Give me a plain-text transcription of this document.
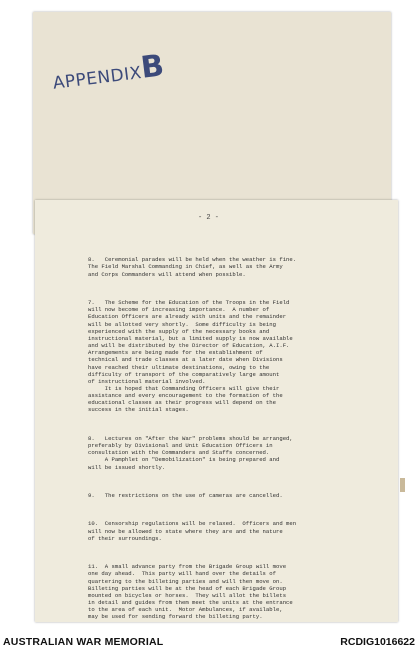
APPENDIXB
- 2 -

8.   Ceremonial parades will be held when the weather is fine.
The Field Marshal Commanding in Chief, as well as the Army
and Corps Commanders will attend when possible.

7.   The Scheme for the Education of the Troops in the Field
will now become of increasing importance.  A number of
Education Officers are already with units and the remainder
will be allotted very shortly.  Some difficulty is being
experienced with the supply of the necessary books and
instructional material, but a limited supply is now available
and will be distributed by the Director of Education, A.I.F.
Arrangements are being made for the establishment of
technical and trade classes at a later date when Divisions
have reached their ultimate destinations, owing to the
difficulty of transport of the comparatively large amount
of instructional material involved.
It is hoped that Commanding Officers will give their
assistance and every encouragement to the formation of the
educational classes as their progress will depend on the
success in the initial stages.

8.   Lectures on "After the War" problems should be arranged,
preferably by Divisional and Unit Education Officers in
consultation with the Commanders and Staffs concerned.
A Pamphlet on "Demobilization" is being prepared and
will be issued shortly.

9.   The restrictions on the use of cameras are cancelled.

10.  Censorship regulations will be relaxed.  Officers and men
will now be allowed to state where they are and the nature
of their surroundings.

11.  A small advance party from the Brigade Group will move
one day ahead.  This party will hand over the details of
quartering to the billeting parties and will then move on.
Billeting parties will be at the head of each Brigade Group
mounted on bicycles or horses.  They will allot the billets
in detail and guides from them meet the units at the entrance
to the area of each unit.  Motor Ambulances, if available,
may be used for sending forward the billeting party.

AUSTRALIAN WAR MEMORIAL	RCDIG1016622
